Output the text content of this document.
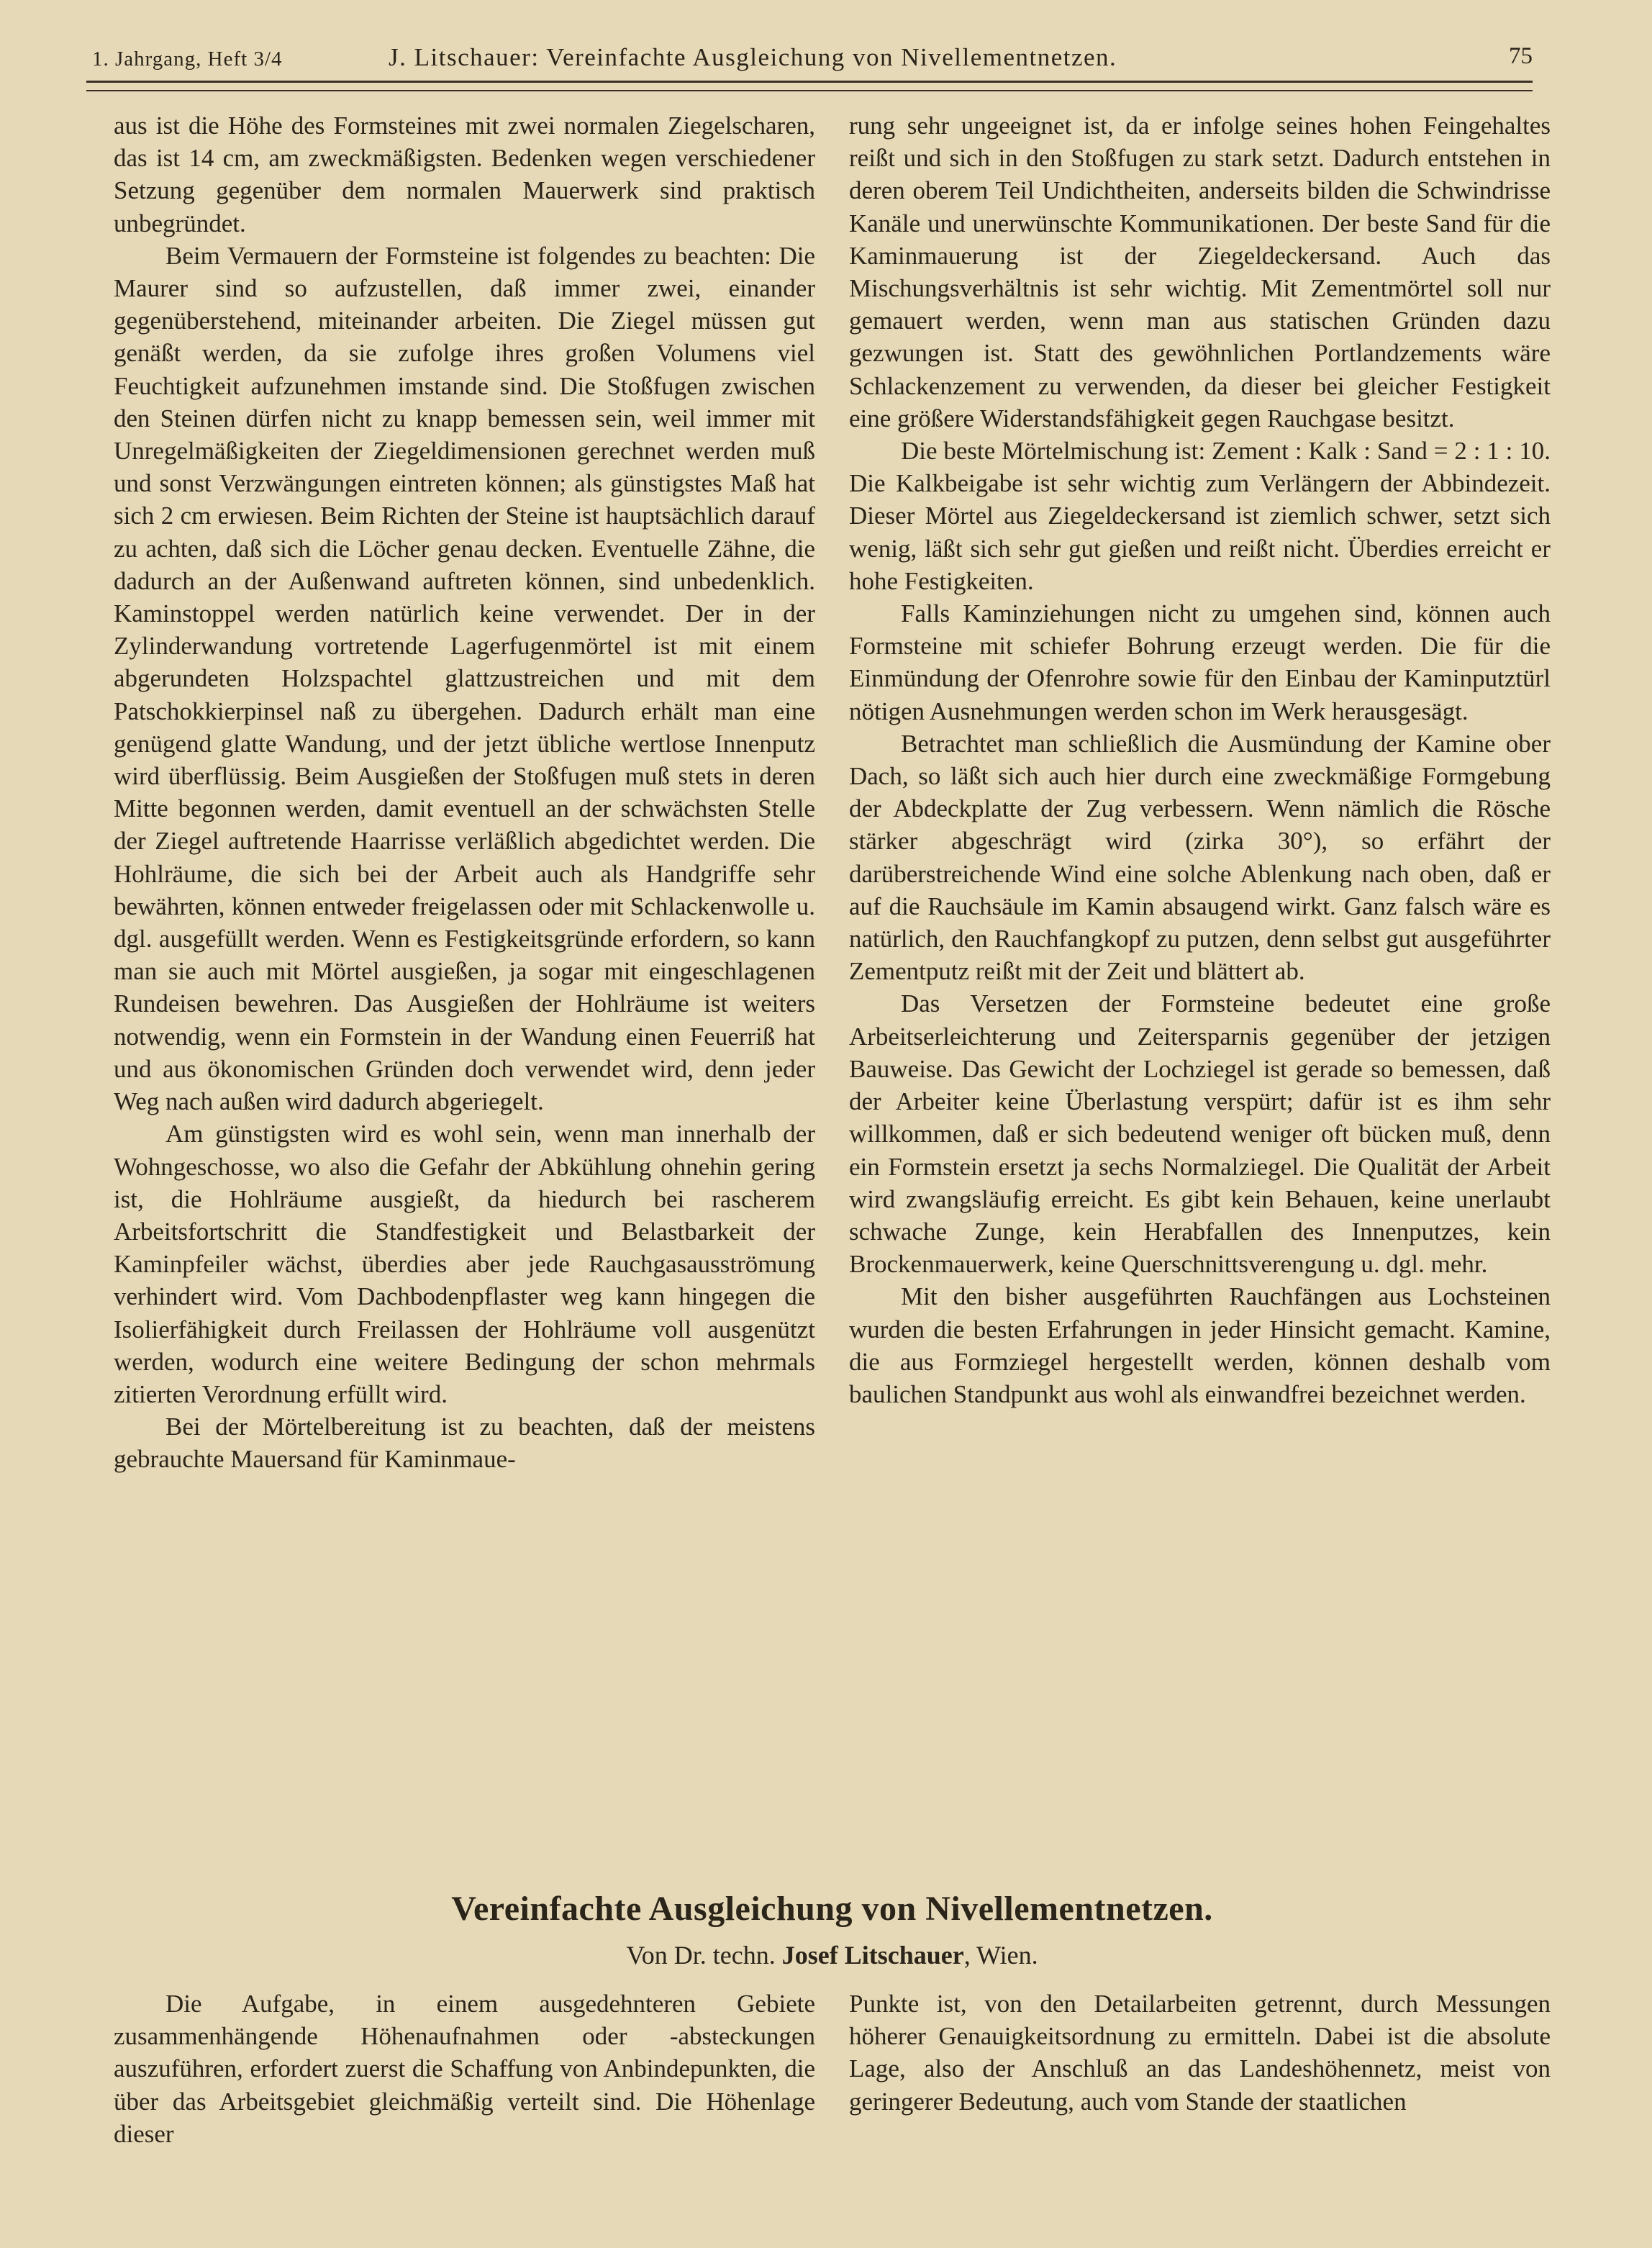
1. Jahrgang, Heft 3/4	J. Litschauer: Vereinfachte Ausgleichung von Nivellementnetzen.	75

aus ist die Höhe des Formsteines mit zwei normalen Ziegelscharen, das ist 14 cm, am zweckmäßigsten. Bedenken wegen verschiedener Setzung gegenüber dem normalen Mauerwerk sind praktisch unbegründet.

Beim Vermauern der Formsteine ist folgendes zu beachten: Die Maurer sind so aufzustellen, daß immer zwei, einander gegenüberstehend, miteinander arbeiten. Die Ziegel müssen gut genäßt werden, da sie zufolge ihres großen Volumens viel Feuchtigkeit aufzunehmen imstande sind. Die Stoßfugen zwischen den Steinen dürfen nicht zu knapp bemessen sein, weil immer mit Unregelmäßigkeiten der Ziegeldimensionen gerechnet werden muß und sonst Verzwängungen eintreten können; als günstigstes Maß hat sich 2 cm erwiesen. Beim Richten der Steine ist hauptsächlich darauf zu achten, daß sich die Löcher genau decken. Eventuelle Zähne, die dadurch an der Außenwand auftreten können, sind unbedenklich. Kaminstoppel werden natürlich keine verwendet. Der in der Zylinderwandung vortretende Lagerfugenmörtel ist mit einem abgerundeten Holzspachtel glattzustreichen und mit dem Patschokkierpinsel naß zu übergehen. Dadurch erhält man eine genügend glatte Wandung, und der jetzt übliche wertlose Innenputz wird überflüssig. Beim Ausgießen der Stoßfugen muß stets in deren Mitte begonnen werden, damit eventuell an der schwächsten Stelle der Ziegel auftretende Haarrisse verläßlich abgedichtet werden. Die Hohlräume, die sich bei der Arbeit auch als Handgriffe sehr bewährten, können entweder freigelassen oder mit Schlackenwolle u. dgl. ausgefüllt werden. Wenn es Festigkeitsgründe erfordern, so kann man sie auch mit Mörtel ausgießen, ja sogar mit eingeschlagenen Rundeisen bewehren. Das Ausgießen der Hohlräume ist weiters notwendig, wenn ein Formstein in der Wandung einen Feuerriß hat und aus ökonomischen Gründen doch verwendet wird, denn jeder Weg nach außen wird dadurch abgeriegelt.

Am günstigsten wird es wohl sein, wenn man innerhalb der Wohngeschosse, wo also die Gefahr der Abkühlung ohnehin gering ist, die Hohlräume ausgießt, da hiedurch bei rascherem Arbeitsfortschritt die Standfestigkeit und Belastbarkeit der Kaminpfeiler wächst, überdies aber jede Rauchgasausströmung verhindert wird. Vom Dachbodenpflaster weg kann hingegen die Isolierfähigkeit durch Freilassen der Hohlräume voll ausgenützt werden, wodurch eine weitere Bedingung der schon mehrmals zitierten Verordnung erfüllt wird.

Bei der Mörtelbereitung ist zu beachten, daß der meistens gebrauchte Mauersand für Kaminmaue-

rung sehr ungeeignet ist, da er infolge seines hohen Feingehaltes reißt und sich in den Stoßfugen zu stark setzt. Dadurch entstehen in deren oberem Teil Undichtheiten, anderseits bilden die Schwindrisse Kanäle und unerwünschte Kommunikationen. Der beste Sand für die Kaminmauerung ist der Ziegeldeckersand. Auch das Mischungsverhältnis ist sehr wichtig. Mit Zementmörtel soll nur gemauert werden, wenn man aus statischen Gründen dazu gezwungen ist. Statt des gewöhnlichen Portlandzements wäre Schlackenzement zu verwenden, da dieser bei gleicher Festigkeit eine größere Widerstandsfähigkeit gegen Rauchgase besitzt.

Die beste Mörtelmischung ist: Zement : Kalk : Sand = 2 : 1 : 10. Die Kalkbeigabe ist sehr wichtig zum Verlängern der Abbindezeit. Dieser Mörtel aus Ziegeldeckersand ist ziemlich schwer, setzt sich wenig, läßt sich sehr gut gießen und reißt nicht. Überdies erreicht er hohe Festigkeiten.

Falls Kaminziehungen nicht zu umgehen sind, können auch Formsteine mit schiefer Bohrung erzeugt werden. Die für die Einmündung der Ofenrohre sowie für den Einbau der Kaminputztürl nötigen Ausnehmungen werden schon im Werk herausgesägt.

Betrachtet man schließlich die Ausmündung der Kamine ober Dach, so läßt sich auch hier durch eine zweckmäßige Formgebung der Abdeckplatte der Zug verbessern. Wenn nämlich die Rösche stärker abgeschrägt wird (zirka 30°), so erfährt der darüberstreichende Wind eine solche Ablenkung nach oben, daß er auf die Rauchsäule im Kamin absaugend wirkt. Ganz falsch wäre es natürlich, den Rauchfangkopf zu putzen, denn selbst gut ausgeführter Zementputz reißt mit der Zeit und blättert ab.

Das Versetzen der Formsteine bedeutet eine große Arbeitserleichterung und Zeitersparnis gegenüber der jetzigen Bauweise. Das Gewicht der Lochziegel ist gerade so bemessen, daß der Arbeiter keine Überlastung verspürt; dafür ist es ihm sehr willkommen, daß er sich bedeutend weniger oft bücken muß, denn ein Formstein ersetzt ja sechs Normalziegel. Die Qualität der Arbeit wird zwangsläufig erreicht. Es gibt kein Behauen, keine unerlaubt schwache Zunge, kein Herabfallen des Innenputzes, kein Brockenmauerwerk, keine Querschnittsverengung u. dgl. mehr.

Mit den bisher ausgeführten Rauchfängen aus Lochsteinen wurden die besten Erfahrungen in jeder Hinsicht gemacht. Kamine, die aus Formziegel hergestellt werden, können deshalb vom baulichen Standpunkt aus wohl als einwandfrei bezeichnet werden.

Vereinfachte Ausgleichung von Nivellementnetzen.
Von Dr. techn. Josef Litschauer, Wien.

Die Aufgabe, in einem ausgedehnteren Gebiete zusammenhängende Höhenaufnahmen oder -absteckungen auszuführen, erfordert zuerst die Schaffung von Anbindepunkten, die über das Arbeitsgebiet gleichmäßig verteilt sind. Die Höhenlage dieser

Punkte ist, von den Detailarbeiten getrennt, durch Messungen höherer Genauigkeitsordnung zu ermitteln. Dabei ist die absolute Lage, also der Anschluß an das Landeshöhennetz, meist von geringerer Bedeutung, auch vom Stande der staatlichen
